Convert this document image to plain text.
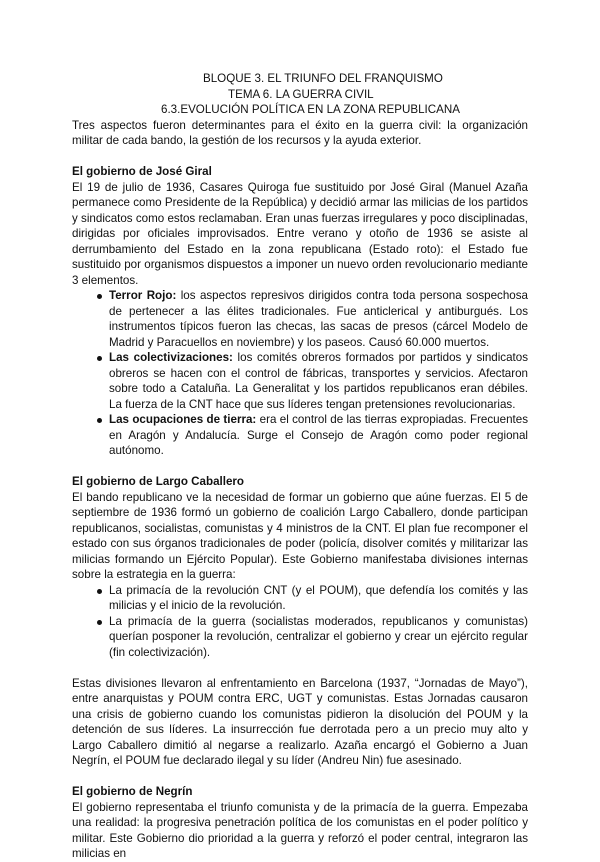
BLOQUE 3. EL TRIUNFO DEL FRANQUISMO
TEMA 6. LA GUERRA CIVIL
6.3.EVOLUCIÓN POLÍTICA EN LA ZONA REPUBLICANA

Tres aspectos fueron determinantes para el éxito en la guerra civil: la organización militar de cada bando, la gestión de los recursos y la ayuda exterior.

El gobierno de José Giral

El 19 de julio de 1936, Casares Quiroga fue sustituido por José Giral (Manuel Azaña permanece como Presidente de la República) y decidió armar las milicias de los partidos y sindicatos como estos reclamaban. Eran unas fuerzas irregulares y poco disciplinadas, dirigidas por oficiales improvisados. Entre verano y otoño de 1936 se asiste al derrumbamiento del Estado en la zona republicana (Estado roto): el Estado fue sustituido por organismos dispuestos a imponer un nuevo orden revolucionario mediante 3 elementos.

Terror Rojo: los aspectos represivos dirigidos contra toda persona sospechosa de pertenecer a las élites tradicionales. Fue anticlerical y antiburgués. Los instrumentos típicos fueron las checas, las sacas de presos (cárcel Modelo de Madrid y Paracuellos en noviembre) y los paseos. Causó 60.000 muertos.
Las colectivizaciones: los comités obreros formados por partidos y sindicatos obreros se hacen con el control de fábricas, transportes y servicios. Afectaron sobre todo a Cataluña. La Generalitat y los partidos republicanos eran débiles. La fuerza de la CNT hace que sus líderes tengan pretensiones revolucionarias.
Las ocupaciones de tierra: era el control de las tierras expropiadas. Frecuentes en Aragón y Andalucía. Surge el Consejo de Aragón como poder regional autónomo.
El gobierno de Largo Caballero

El bando republicano ve la necesidad de formar un gobierno que aúne fuerzas. El 5 de septiembre de 1936 formó un gobierno de coalición Largo Caballero, donde participan republicanos, socialistas, comunistas y 4 ministros de la CNT. El plan fue recomponer el estado con sus órganos tradicionales de poder (policía, disolver comités y militarizar las milicias formando un Ejército Popular). Este Gobierno manifestaba divisiones internas sobre la estrategia en la guerra:

La primacía de la revolución CNT (y el POUM), que defendía los comités y las milicias y el inicio de la revolución.
La primacía de la guerra (socialistas moderados, republicanos y comunistas) querían posponer la revolución, centralizar el gobierno y crear un ejército regular (fin colectivización).

Estas divisiones llevaron al enfrentamiento en Barcelona (1937, “Jornadas de Mayo”), entre anarquistas y POUM contra ERC, UGT y comunistas. Estas Jornadas causaron una crisis de gobierno cuando los comunistas pidieron la disolución del POUM y la detención de sus líderes. La insurrección fue derrotada pero a un precio muy alto y Largo Caballero dimitió al negarse a realizarlo. Azaña encargó el Gobierno a Juan Negrín, el POUM fue declarado ilegal y su líder (Andreu Nin) fue asesinado.

El gobierno de Negrín

El gobierno representaba el triunfo comunista y de la primacía de la guerra. Empezaba una realidad: la progresiva penetración política de los comunistas en el poder político y militar. Este Gobierno dio prioridad a la guerra y reforzó el poder central, integraron las milicias en
